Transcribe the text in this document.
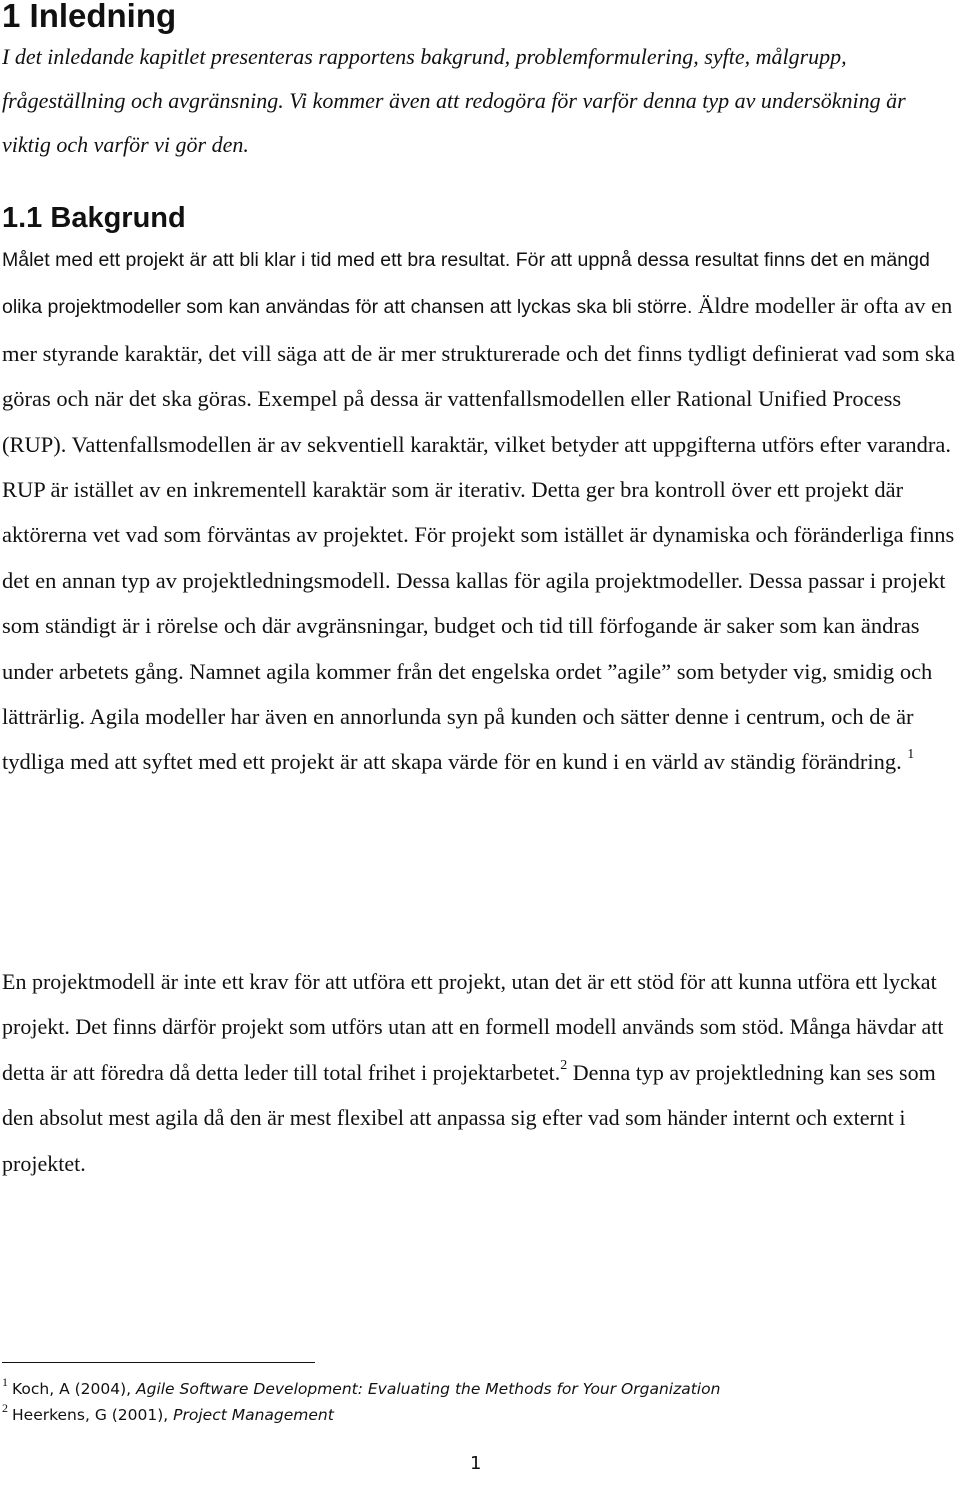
1 Inledning

I det inledande kapitlet presenteras rapportens bakgrund, problemformulering, syfte, målgrupp, frågeställning och avgränsning. Vi kommer även att redogöra för varför denna typ av undersökning är viktig och varför vi gör den.

1.1 Bakgrund

Målet med ett projekt är att bli klar i tid med ett bra resultat. För att uppnå dessa resultat finns det en mängd olika projektmodeller som kan användas för att chansen att lyckas ska bli större. Äldre modeller är ofta av en mer styrande karaktär, det vill säga att de är mer strukturerade och det finns tydligt definierat vad som ska göras och när det ska göras. Exempel på dessa är vattenfallsmodellen eller Rational Unified Process (RUP). Vattenfallsmodellen är av sekventiell karaktär, vilket betyder att uppgifterna utförs efter varandra. RUP är istället av en inkrementell karaktär som är iterativ. Detta ger bra kontroll över ett projekt där aktörerna vet vad som förväntas av projektet. För projekt som istället är dynamiska och föränderliga finns det en annan typ av projektledningsmodell. Dessa kallas för agila projektmodeller. Dessa passar i projekt som ständigt är i rörelse och där avgränsningar, budget och tid till förfogande är saker som kan ändras under arbetets gång. Namnet agila kommer från det engelska ordet ”agile” som betyder vig, smidig och lätträrlig. Agila modeller har även en annorlunda syn på kunden och sätter denne i centrum, och de är tydliga med att syftet med ett projekt är att skapa värde för en kund i en värld av ständig förändring. $^1$

En projektmodell är inte ett krav för att utföra ett projekt, utan det är ett stöd för att kunna utföra ett lyckat projekt. Det finns därför projekt som utförs utan att en formell modell används som stöd. Många hävdar att detta är att föredra då detta leder till total frihet i projektarbetet.$^2$ Denna typ av projektledning kan ses som den absolut mest agila då den är mest flexibel att anpassa sig efter vad som händer internt och externt i projektet.

$^1$ Koch, A (2004), Agile Software Development: Evaluating the Methods for Your Organization
$^2$ Heerkens, G (2001), Project Management
1
